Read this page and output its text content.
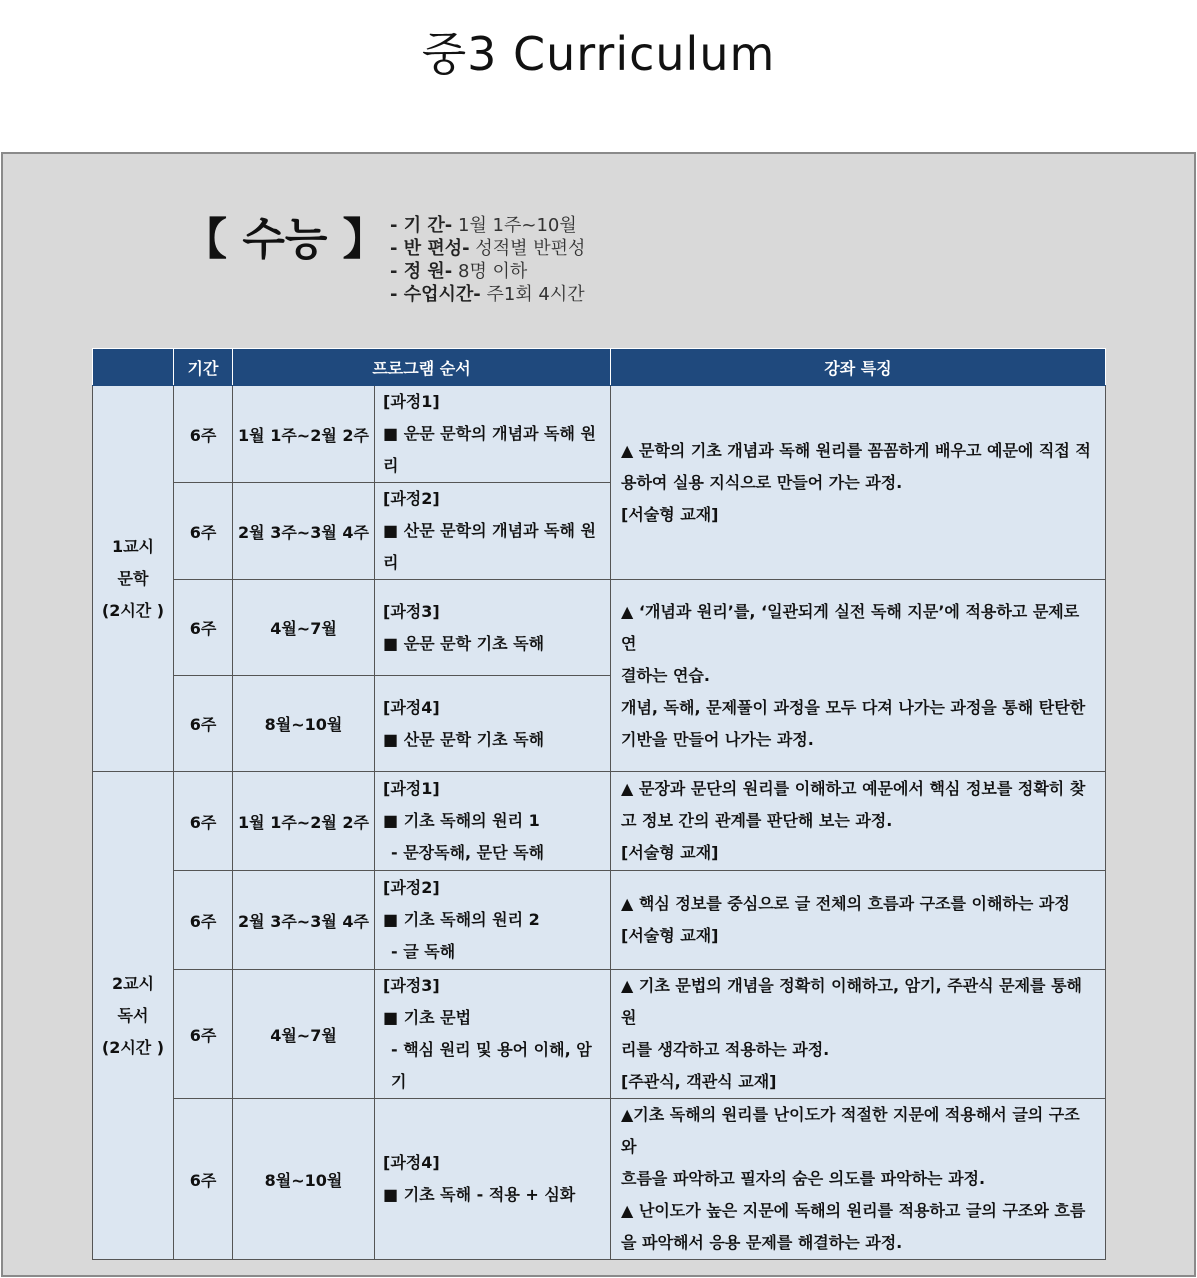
중3 Curriculum
【 수능 】 - 기 간- 1월 1주~10월
- 반 편성- 성적별 반편성
- 정 원- 8명 이하
- 수업시간- 주1회 4시간
	기간	프로그램 순서		강좌 특징

1교시
문학
(2시간 )	6주	1월 1주~2월 2주	[과정1]
■ 운문 문학의 개념과 독해 원리	▲ 문학의 기초 개념과 독해 원리를 꼼꼼하게 배우고 예문에 직접 적
용하여 실용 지식으로 만들어 가는 과정.
[서술형 교재]

	6주	2월 3주~3월 4주	[과정2]
■ 산문 문학의 개념과 독해 원리	

	6주	4월~7월	[과정3]
■ 운문 문학 기초 독해	▲ ‘개념과 원리’를, ‘일관되게 실전 독해 지문’에 적용하고 문제로 연
결하는 연습.
개념, 독해, 문제풀이 과정을 모두 다져 나가는 과정을 통해 탄탄한
기반을 만들어 나가는 과정.

	6주	8월~10월	[과정4]
■ 산문 문학 기초 독해	

2교시
독서
(2시간 )	6주	1월 1주~2월 2주	[과정1]
■ 기초 독해의 원리 1
- 문장독해, 문단 독해	▲ 문장과 문단의 원리를 이해하고 예문에서 핵심 정보를 정확히 찾
고 정보 간의 관계를 판단해 보는 과정.
[서술형 교재]

	6주	2월 3주~3월 4주	[과정2]
■ 기초 독해의 원리 2
- 글 독해	▲ 핵심 정보를 중심으로 글 전체의 흐름과 구조를 이해하는 과정
[서술형 교재]

	6주	4월~7월	[과정3]
■ 기초 문법
- 핵심 원리 및 용어 이해, 암기	▲ 기초 문법의 개념을 정확히 이해하고, 암기, 주관식 문제를 통해 원
리를 생각하고 적용하는 과정.
[주관식, 객관식 교재]

	6주	8월~10월	[과정4]
■ 기초 독해 - 적용 + 심화	▲기초 독해의 원리를 난이도가 적절한 지문에 적용해서 글의 구조와
흐름을 파악하고 필자의 숨은 의도를 파악하는 과정.
▲ 난이도가 높은 지문에 독해의 원리를 적용하고 글의 구조와 흐름
을 파악해서 응용 문제를 해결하는 과정.
